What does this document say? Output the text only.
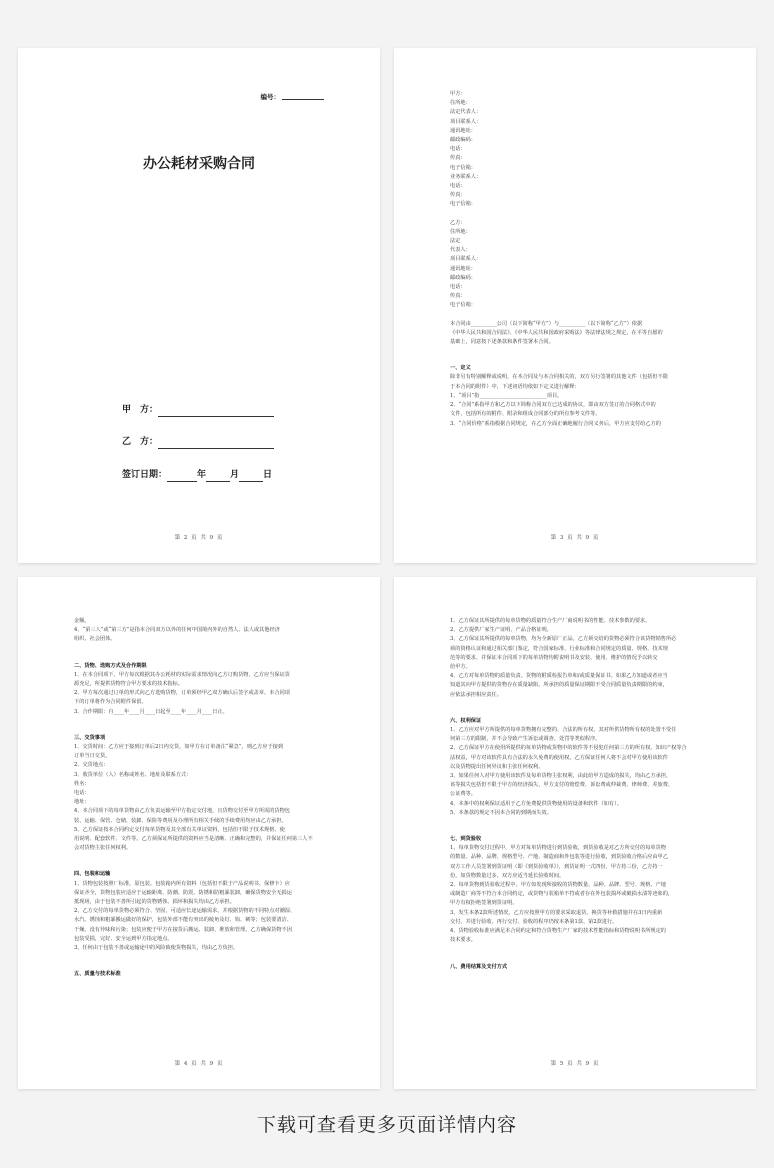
编号：
办公耗材采购合同
甲　方：
乙　方：
签订日期：	年	月	日
第 2 页 共 9 页
甲方：
住所地：
法定代表人：
项目联系人：
通讯地址：
邮政编码：
电话：
传真：
电子信箱：
业务联系人：
电话：
传真：
电子信箱：
乙方：
住所地：
法定
代表人：
项目联系人：
通讯地址：
邮政编码：
电话：
传真：
电子信箱：
本合同由__________公司（以下简称“甲方”）与__________（以下简称“乙方”）依据
《中华人民共和国合同法》、《中华人民共和国政府采购法》等法律法规之规定，在平等自愿的
基础上，同意按下述条款和条件签署本合同。
一、定义
除非另有特别解释或说明，在本合同及与本合同相关的，双方另行签署的其他文件（包括但不限
于本合同的附件）中，下述词语均依如下定义进行解释：
1、“项目”指__________________________项目。
2、“合同”系指甲方和乙方以下简称合同双方已达成的协议，即由双方签订的合同格式中的
文件，包括所有的附件、附录和组成合同部分的所有参考文件等。
3、“合同价格”系指根据合同规定，在乙方全面正确地履行合同义务后，甲方应支付给乙方的
第 3 页 共 9 页
金额。
4、“第三人”或“第三方”是指本合同双方以外的任何中国境内外的自然人、法人或其他经济
组织、社会团体。
二、货物、选购方式及合作期限
1、在本合同项下，甲方每次根据其办公耗材的实际需求情况向乙方订购货物，乙方应当保证货
源充足，所提供货物符合甲方要求的技术指标。
2、甲方每次通过订单的形式向乙方选购货物，订单须经甲乙双方确认后签字或盖章。本合同项
下的订单将作为合同附件保留。
3、合作期限：自____年____月____日起至____年____月____日止。
三、交货事项
1、交货时间：乙方应于接到订单后2日内交货，如甲方在订单备注“紧急”，则乙方应于接到
订单当日交货。
2、交货地点：
3、收货单位（人）名称或姓名、地址及联系方式：
姓名：
电话：
地址：
4、本合同项下的每单货物由乙方负责运输至甲方指定交付地，且货物交付至甲方所需的货物包
装、运输、保管、仓储、装卸、保险等费用及办理所有相关手续的手续费用均应由乙方承担。
5、乙方保证按本合同约定交付每单货物及其全部有关单证资料，包括但不限于技术规格、使
用说明、配套软件、文件等。乙方须保证所提供的资料应当是清晰、正确和完整的，并保证任何第三人不
会对货物主张任何权利。
四、包装和运输
1、货物包装按照厂标准，原包装。包装箱内所有资料（包括但不限于产品说明书、保修卡）应
保证齐全，货物包装应适应于运输距离、防潮、防震、防锈和防粗暴装卸，确保货物安全无损运
抵现场，由于包装不善所引起的货物锈蚀、损坏和损失均由乙方承担。
2、乙方交付的每单货物必须符合、坚固，可适应长途运输需求，并根据货物的不同特点对潮湿、
水汽、锈蚀和粗暴搬运做好的保护，包装外部不能有突出的棱角及钉、钩、刺等；包装要清洁、
干燥，没有异味和污染；包装应便于甲方在接货后搬运、装卸、堆放和管理。乙方确保货物不因
包装受损，完好、安全运到甲方指定地点。
3、任何由于包装不善或运输途中的风险致使货物损失，均由乙方负担。
五、质量与技术标准
第 4 页 共 9 页
1、乙方保证其所提供的每单货物的质量符合生产厂商说明书的性能、技术参数的要求。
2、乙方提供厂家生产证明、产品合格证明。
3、乙方保证其所提供的每单货物，均为全新原厂正品。乙方须交给的货物必须符合该货物销售所必
须的资格认证和通过相关部门鉴定，符合国家标准、行业标准和合同规定的质量、规格、技术规
范等的要求，并保证本合同项下的每单货物均附说明书及安装、使用、维护的情况予以转交
给甲方。
4、乙方对每单货物的质量负责。货物的附质检报告单和/或质量保证书。如果乙方知道或者应当
知道其向甲方提供的货物存在质量缺陷，所承担的质量保证期限不受合同质量负责期限的约束，
应依法承担相应责任。
六、权利保证
1、乙方应对甲方所提供的每单货物拥有完整的、合法的所有权，其对所供货物所有权的处置不受任
何第三方的限制，并不会导致产生诉讼或调查、处罚等类似程序。
2、乙方保证甲方在使用所提供的每单货物或货物中的软件等不侵犯任何第三方的所有权、知识产权等合
法权益，甲方对该软件具有合法的永久免费的使用权，乙方保证任何人将不会对甲方使用该软件
以及货物提出任何异议和主张任何权利。
3、如果任何人对甲方使用该软件及每单货物主张权利，由此给甲方造成的损失，均由乙方承担，
该等损失包括但不限于甲方的经济损失、甲方支付的赔偿费、诉讼费或仲裁费、律师费、差旅费、
公证费等。
4、本条中的权利保证适用于乙方免费提供货物使用的设备和软件（如有）。
5、本条款的规定不因本合同的到期而失效。
七、到货验收
1、每单货物交付过程中，甲方对每单货物进行到货验收，到货验收是对乙方所交付的每单货物
的数量、品种、品牌、规格型号、产地、制造商和外包装等进行验收，到货验收合格后应由甲乙
双方工作人员签署到货证明（即《到货验收单》），到货证明一式四份，甲方持三份，乙方持一
份。如货物数量过多，双方应适当延长验收时间。
2、每单货物到货验收过程中，甲方如发现所接收的货物数量、品种、品牌、型号、规格、产地
或制造厂商等不符合本合同约定，或货物与装箱单不符或者存在外包装损坏或破损水渍等迹象的，
甲方有权拒绝签署到货证明。
3、发生本条2款所述情况，乙方应按照甲方的要求采取退货、换货等补救措施并在3日内重新
交付，并进行验收，再行交付、验收的程序仍按本条第1款、第2款进行。
4、货物验收标准应满足本合同约定和符合货物生产厂家的技术性能指标和货物说明书所规定的
技术要求。
八、费用结算及支付方式
第 5 页 共 9 页
下载可查看更多页面详情内容
